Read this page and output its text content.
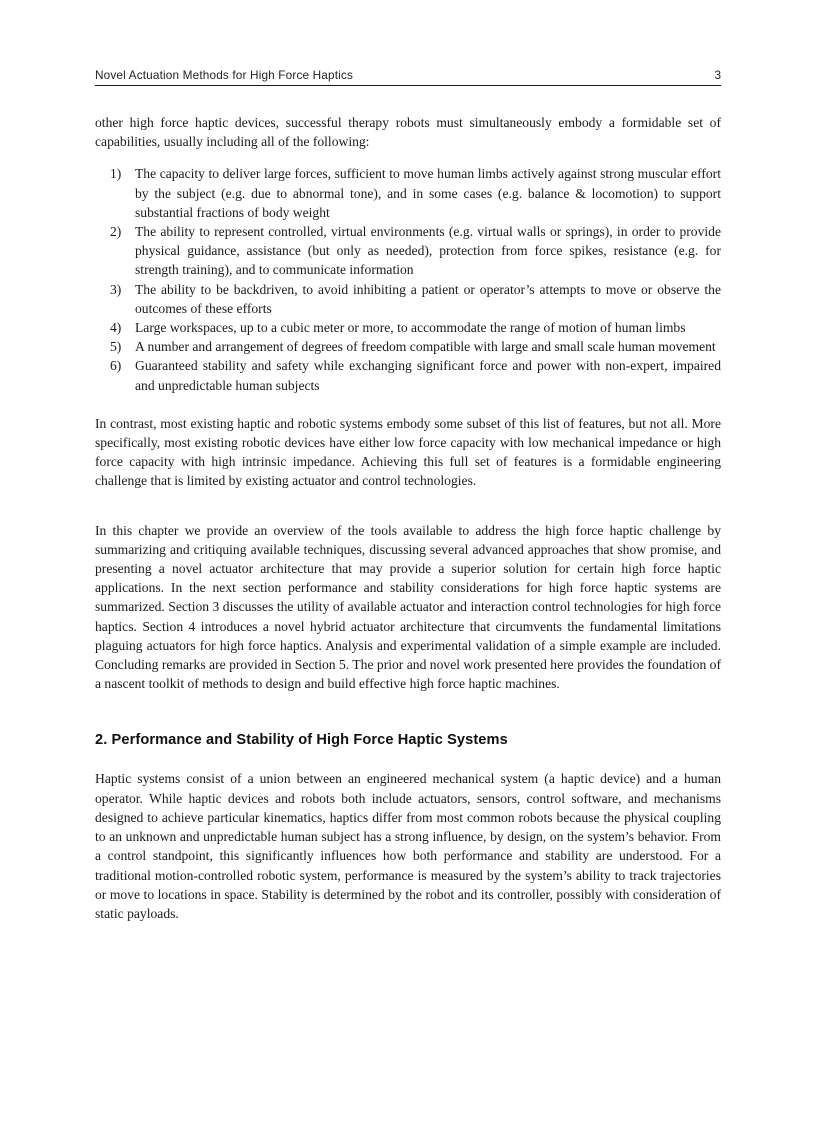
Novel Actuation Methods for High Force Haptics	3

other high force haptic devices, successful therapy robots must simultaneously embody a formidable set of capabilities, usually including all of the following:

1)	The capacity to deliver large forces, sufficient to move human limbs actively against strong muscular effort by the subject (e.g. due to abnormal tone), and in some cases (e.g. balance & locomotion) to support substantial fractions of body weight
2)	The ability to represent controlled, virtual environments (e.g. virtual walls or springs), in order to provide physical guidance, assistance (but only as needed), protection from force spikes, resistance (e.g. for strength training), and to communicate information
3)	The ability to be backdriven, to avoid inhibiting a patient or operator’s attempts to move or observe the outcomes of these efforts
4)	Large workspaces, up to a cubic meter or more, to accommodate the range of motion of human limbs
5)	A number and arrangement of degrees of freedom compatible with large and small scale human movement
6)	Guaranteed stability and safety while exchanging significant force and power with non-expert, impaired and unpredictable human subjects

In contrast, most existing haptic and robotic systems embody some subset of this list of features, but not all. More specifically, most existing robotic devices have either low force capacity with low mechanical impedance or high force capacity with high intrinsic impedance. Achieving this full set of features is a formidable engineering challenge that is limited by existing actuator and control technologies.

In this chapter we provide an overview of the tools available to address the high force haptic challenge by summarizing and critiquing available techniques, discussing several advanced approaches that show promise, and presenting a novel actuator architecture that may provide a superior solution for certain high force haptic applications. In the next section performance and stability considerations for high force haptic systems are summarized. Section 3 discusses the utility of available actuator and interaction control technologies for high force haptics. Section 4 introduces a novel hybrid actuator architecture that circumvents the fundamental limitations plaguing actuators for high force haptics. Analysis and experimental validation of a simple example are included. Concluding remarks are provided in Section 5. The prior and novel work presented here provides the foundation of a nascent toolkit of methods to design and build effective high force haptic machines.

2. Performance and Stability of High Force Haptic Systems

Haptic systems consist of a union between an engineered mechanical system (a haptic device) and a human operator. While haptic devices and robots both include actuators, sensors, control software, and mechanisms designed to achieve particular kinematics, haptics differ from most common robots because the physical coupling to an unknown and unpredictable human subject has a strong influence, by design, on the system’s behavior. From a control standpoint, this significantly influences how both performance and stability are understood. For a traditional motion-controlled robotic system, performance is measured by the system’s ability to track trajectories or move to locations in space. Stability is determined by the robot and its controller, possibly with consideration of static payloads.
